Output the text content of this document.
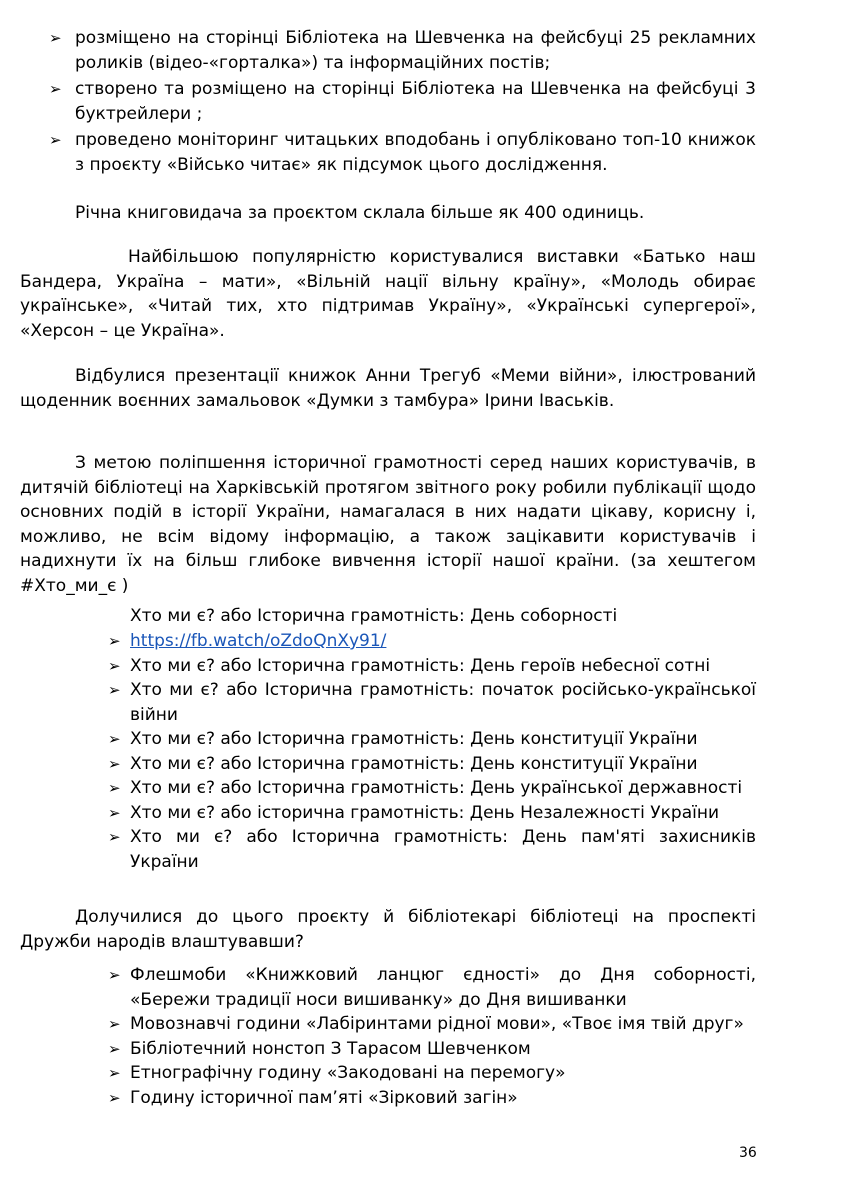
➢ розміщено на сторінці Бібліотека на Шевченка на фейсбуці 25 рекламних роликів (відео-«горталка») та інформаційних постів;
➢ створено та розміщено на сторінці Бібліотека на Шевченка на фейсбуці 3 буктрейлери ;
➢ проведено моніторинг читацьких вподобань і опубліковано топ-10 книжок з проєкту «Військо читає» як підсумок цього дослідження.

Річна книговидача за проєктом склала більше як 400 одиниць.

Найбільшою популярністю користувалися виставки «Батько наш Бандера, Україна – мати», «Вільній нації вільну країну», «Молодь обирає українське», «Читай тих, хто підтримав Україну», «Українські супергерої», «Херсон – це Україна».

Відбулися презентації книжок Анни Трегуб «Меми війни», ілюстрований щоденник воєнних замальовок «Думки з тамбура» Ірини Іваськів.

З метою поліпшення історичної грамотності серед наших користувачів, в дитячій бібліотеці на Харківській протягом звітного року робили публікації щодо основних подій в історії України, намагалася в них надати цікаву, корисну і, можливо, не всім відому інформацію, а також зацікавити користувачів і надихнути їх на більш глибоке вивчення історії нашої країни. (за хештегом #Хто_ми_є )

Хто ми є? або Історична грамотність: День соборності

➢ https://fb.watch/oZdoQnXy91/
➢ Хто ми є? або Історична грамотність: День героїв небесної сотні
➢ Хто ми є? або Історична грамотність: початок російсько-української війни
➢ Хто ми є? або Історична грамотність: День конституції України
➢ Хто ми є? або Історична грамотність: День конституції України
➢ Хто ми є? або Історична грамотність: День української державності
➢ Хто ми є? або історична грамотність: День Незалежності України
➢ Хто ми є? або Історична грамотність: День пам'яті захисників України

Долучилися до цього проєкту й бібліотекарі бібліотеці на проспекті Дружби народів влаштувавши?

➢ Флешмоби «Книжковий ланцюг єдності» до Дня соборності, «Бережи традиції носи вишиванку» до Дня вишиванки
➢ Мовознавчі години «Лабіринтами рідної мови», «Твоє імя твій друг»
➢ Бібліотечний нонстоп З Тарасом Шевченком
➢ Етнографічну годину «Закодовані на перемогу»
➢ Годину історичної пам’яті «Зірковий загін»
36
